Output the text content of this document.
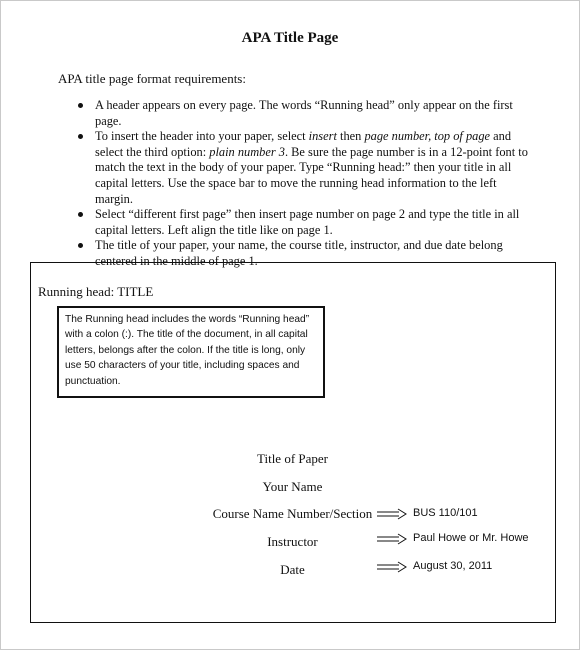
APA Title Page
APA title page format requirements:
A header appears on every page. The words “Running head” only appear on the first page.
To insert the header into your paper, select insert then page number, top of page and select the third option: plain number 3. Be sure the page number is in a 12-point font to match the text in the body of your paper. Type “Running head:” then your title in all capital letters. Use the space bar to move the running head information to the left margin.
Select “different first page” then insert page number on page 2 and type the title in all capital letters. Left align the title like on page 1.
The title of your paper, your name, the course title, instructor, and due date belong centered in the middle of page 1.
Running head: TITLE
The Running head includes the words “Running head” with a colon (:). The title of the document, in all capital letters, belongs after the colon. If the title is long, only use 50 characters of your title, including spaces and punctuation.
Title of Paper
Your Name
Course Name Number/Section
Instructor
Date
BUS 110/101
Paul Howe or Mr. Howe
August 30, 2011
